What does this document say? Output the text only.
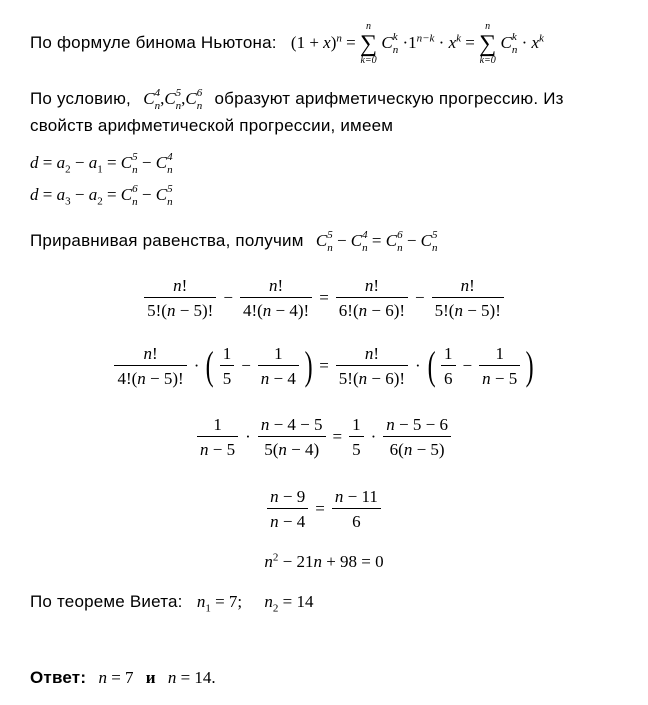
По формуле бинома Ньютона: $(1 + x)^n$ =
n
∑
k=0
C k
$n \cdot 1^{n-k} \cdot x^k$ =
n
∑
k=0
C k
$n \cdot x^k$
По условию, C 4
n ,C 5
n ,C 6
n образуют арифметическую прогрессию. Из
свойств арифметической прогрессии, имеем
$d = a_2 - a_1 = C$ 5
n − C 4
n
$d = a_3 - a_2 = C$ 6
n − C 5
n
Приравнивая равенства, получим C 5
n − C 4
n = C 6
n − C 5
n
$\frac{n!}{5!(n - 5)!} - \frac{n!}{4!(n - 4)!} = \frac{n!}{6!(n - 6)!} - \frac{n!}{5!(n - 5)!}$
$\frac{n!}{4!(n - 5)!}$ · ( $\frac{1}{5} - \frac{1}{n - 4}$ ) = $\frac{n!}{5!(n - 6)!}$ · ( $\frac{1}{6} - \frac{1}{n - 5}$ )
$\frac{1}{n - 5} \cdot \frac{n - 4 - 5}{5(n - 4)} = \frac{1}{5} \cdot \frac{n - 5 - 6}{6(n - 5)}$
$\frac{n - 9}{n - 4} = \frac{n - 11}{6}$
$n^2 - 21n + 98 = 0$
По теореме Виета: $n_1 = 7$; $n_2 = 14$
Ответ: n = 7 и n = 14.
